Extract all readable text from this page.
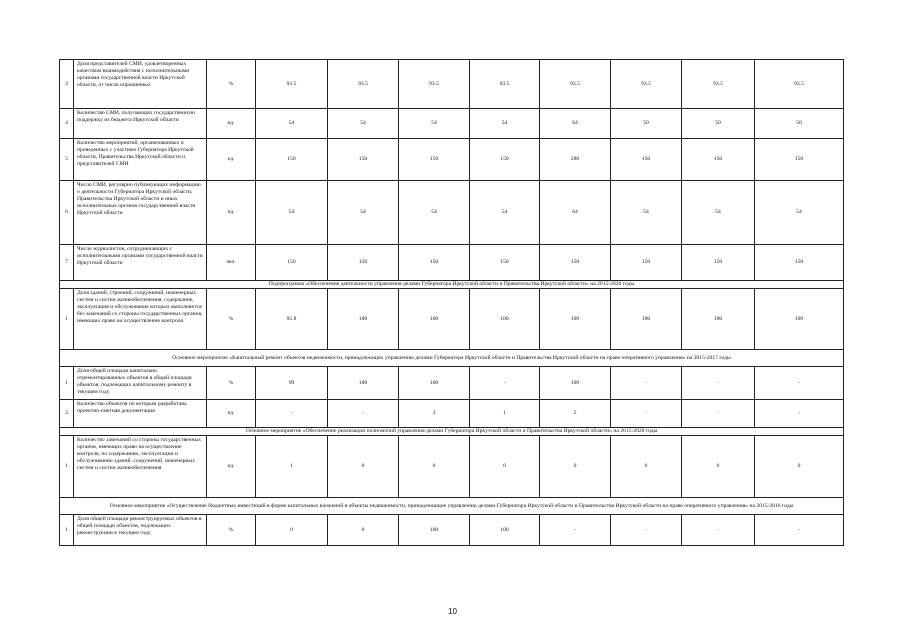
3	Доля представителей СМИ, удовлетворенных качеством взаимодействия с исполнительными органами государственной власти Иркутской области, от числа опрошенных	%	93.5	93.5	93.5	93.5	93.5	93.5	93.5	93.5
4	Количество СМИ, получающих государственную поддержку из бюджета Иркутской области	ед.	54	54	54	54	64	50	50	50
5	Количество мероприятий, организованных и проведенных с участием Губернатора Иркутской области, Правительства Иркутской области и представителей СМИ	ед.	150	150	150	150	280	150	150	150
6	Число СМИ, регулярно публикующих информацию о деятельности Губернатора Иркутской области, Правительства Иркутской области и иных исполнительных органов государственной власти Иркутской области	ед.	54	54	54	54	64	54	54	54
7	Число журналистов, сотрудничающих с исполнительными органами государственной власти Иркутской области	чел.	150	150	150	150	150	150	150	150
Подпрограмма «Обеспечение деятельности управления делами Губернатора Иркутской области и Правительства Иркутской области» на 2015-2020 годы										
1	Доля зданий, строений, сооружений, инженерных систем и систем жизнеобеспечения, содержание, эксплуатация и обслуживание которых выполняется без замечаний со стороны государственных органов, имеющих право на осуществление контроля	%	95.8	100	100	100	100	100	100	100
Основное мероприятие «Капитальный ремонт объектов недвижимости, принадлежащих управлению делами Губернатора Иркутской области и Правительства Иркутской области на праве оперативного управления» на 2015-2017 годы										
1	Доля общей площади капитально отремонтированных объектов в общей площади объектов, подлежащих капитальному ремонту в текущем году	%	99	100	100	-	100	-	-	-
2	Количество объектов по которым разработана проектно-сметная документация	ед.	-	-	3	1	5	-	-	-
Основное мероприятие «Обеспечение реализации полномочий управления делами Губернатора Иркутской области и Правительства Иркутской области» на 2015-2020 годы										
1	Количество замечаний со стороны государственных органов, имеющих право на осуществление контроля, по содержанию, эксплуатации и обслуживанию зданий, сооружений, инженерных систем и систем жизнеобеспечения	ед.	1	0	0	0	0	0	0	0
Основное мероприятие «Осуществление бюджетных инвестиций в форме капитальных вложений в объекты недвижимости, принадлежащие управлению делами Губернатора Иркутской области и Правительства Иркутской области на праве оперативного управления» на 2015-2016 годы										
1	Доля общей площади реконструируемых объектов в общей площади объектов, подлежащих реконструкции в текущем году	%	0	0	100	100	-	-	-	-
10
